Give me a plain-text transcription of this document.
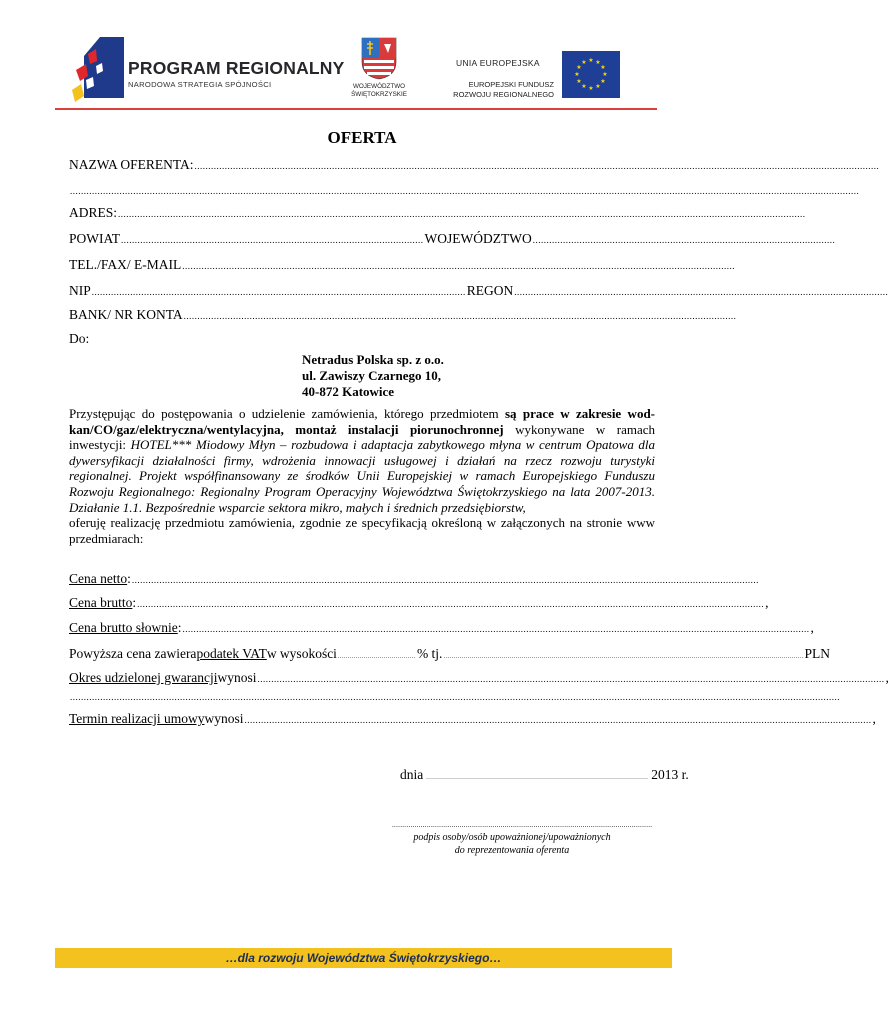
PROGRAM REGIONALNY
NARODOWA STRATEGIA SPÓJNOŚCI	WOJEWÓDZTWO
ŚWIĘTOKRZYSKIE
UNIA EUROPEJSKA
EUROPEJSKI FUNDUSZ
ROZWOJU REGIONALNEGO
★ ★
★
★
★
★
★
★
★
★
★
★
OFERTA
NAZWA OFERENTA: .........................................................................................................................................................................................................................................................
...............................................................................................................................................................................................................................................................................................
ADRES: ..........................................................................................................................................................................................................................................................
POWIAT .............................................................................................................. WOJEWÓDZTWO ..............................................................................................................
TEL./FAX/ E-MAIL .........................................................................................................................................................................................................
NIP ........................................................................................................................................ REGON ........................................................................................................................................
BANK/ NR KONTA .........................................................................................................................................................................................................
Do:
Netradus Polska sp. z o.o.
ul. Zawiszy Czarnego 10,
40-872 Katowice
Przystępując do postępowania o udzielenie zamówienia, którego przedmiotem są prace w zakresie wod-kan/CO/gaz/elektryczna/wentylacyjna, montaż instalacji piorunochronnej wykonywane w ramach inwestycji: HOTEL*** Miodowy Młyn – rozbudowa i adaptacja zabytkowego młyna w centrum Opatowa dla dywersyfikacji działalności firmy, wdrożenia innowacji usługowej i działań na rzecz rozwoju turystyki regionalnej. Projekt współfinansowany ze środków Unii Europejskiej w ramach Europejskiego Funduszu Rozwoju Regionalnego: Regionalny Program Operacyjny Województwa Świętokrzyskiego na lata 2007-2013. Działanie 1.1. Bezpośrednie wsparcie sektora mikro, małych i średnich przedsiębiorstw,
oferuję realizację przedmiotu zamówienia, zgodnie ze specyfikacją określoną w załączonych na stronie www przedmiarach:
Cena netto : ....................................................................................................................................................................................................................................
Cena brutto : .................................................................................................................................................................................................................................... ,
Cena brutto słownie : .................................................................................................................................................................................................................................... ,
Powyższa cena zawiera podatek VAT w wysokości ....................................... % tj. .................................................................................................................................................................................... PLN
Okres udzielonej gwarancji wynosi .................................................................................................................................................................................................................................... ,
........................................................................................................................................................................................................................................................................................
Termin realizacji umowy wynosi .................................................................................................................................................................................................................................... ,
dnia ............................................................................................................... 2013 r.
...............................................................................................................................
podpis osoby/osób upoważnionej/upoważnionych
do reprezentowania oferenta
…dla rozwoju Województwa Świętokrzyskiego…
